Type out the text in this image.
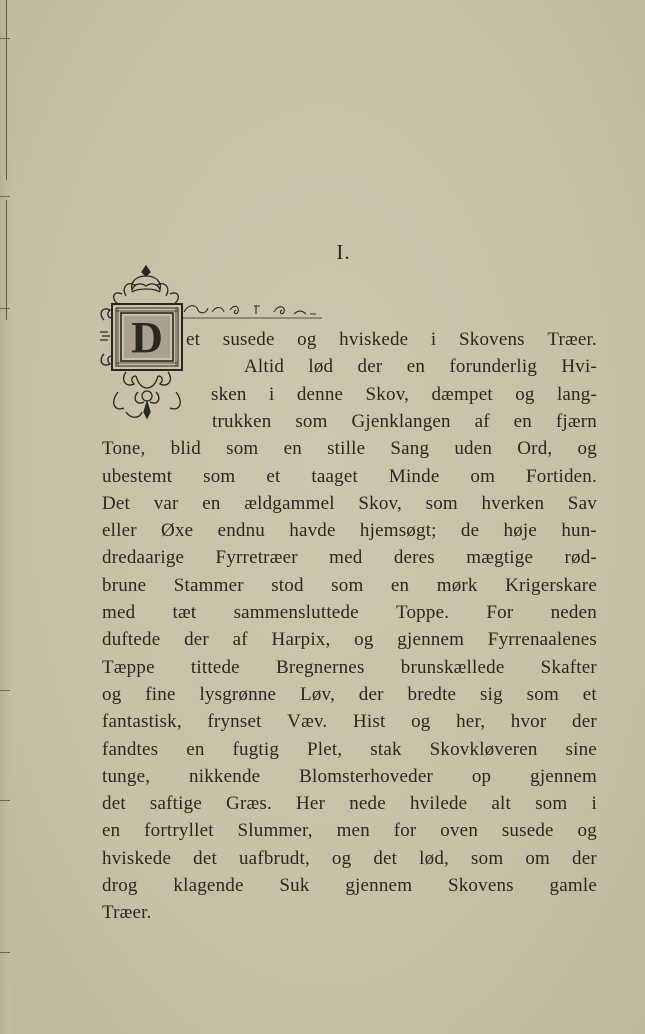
I.
D et susede og hviskede i Skovens Træer.
Altid lød der en forunderlig Hvi-
sken i denne Skov, dæmpet og lang-
trukken som Gjenklangen af en fjærn
Tone, blid som en stille Sang uden Ord, og
ubestemt som et taaget Minde om Fortiden.
Det var en ældgammel Skov, som hverken Sav
eller Øxe endnu havde hjemsøgt; de høje hun-
dredaarige Fyrretræer med deres mægtige rød-
brune Stammer stod som en mørk Krigerskare
med tæt sammensluttede Toppe. For neden
duftede der af Harpix, og gjennem Fyrrenaalenes
Tæppe tittede Bregnernes brunskællede Skafter
og fine lysgrønne Løv, der bredte sig som et
fantastisk, frynset Væv. Hist og her, hvor der
fandtes en fugtig Plet, stak Skovkløveren sine
tunge, nikkende Blomsterhoveder op gjennem
det saftige Græs. Her nede hvilede alt som i
en fortryllet Slummer, men for oven susede og
hviskede det uafbrudt, og det lød, som om der
drog klagende Suk gjennem Skovens gamle
Træer.
